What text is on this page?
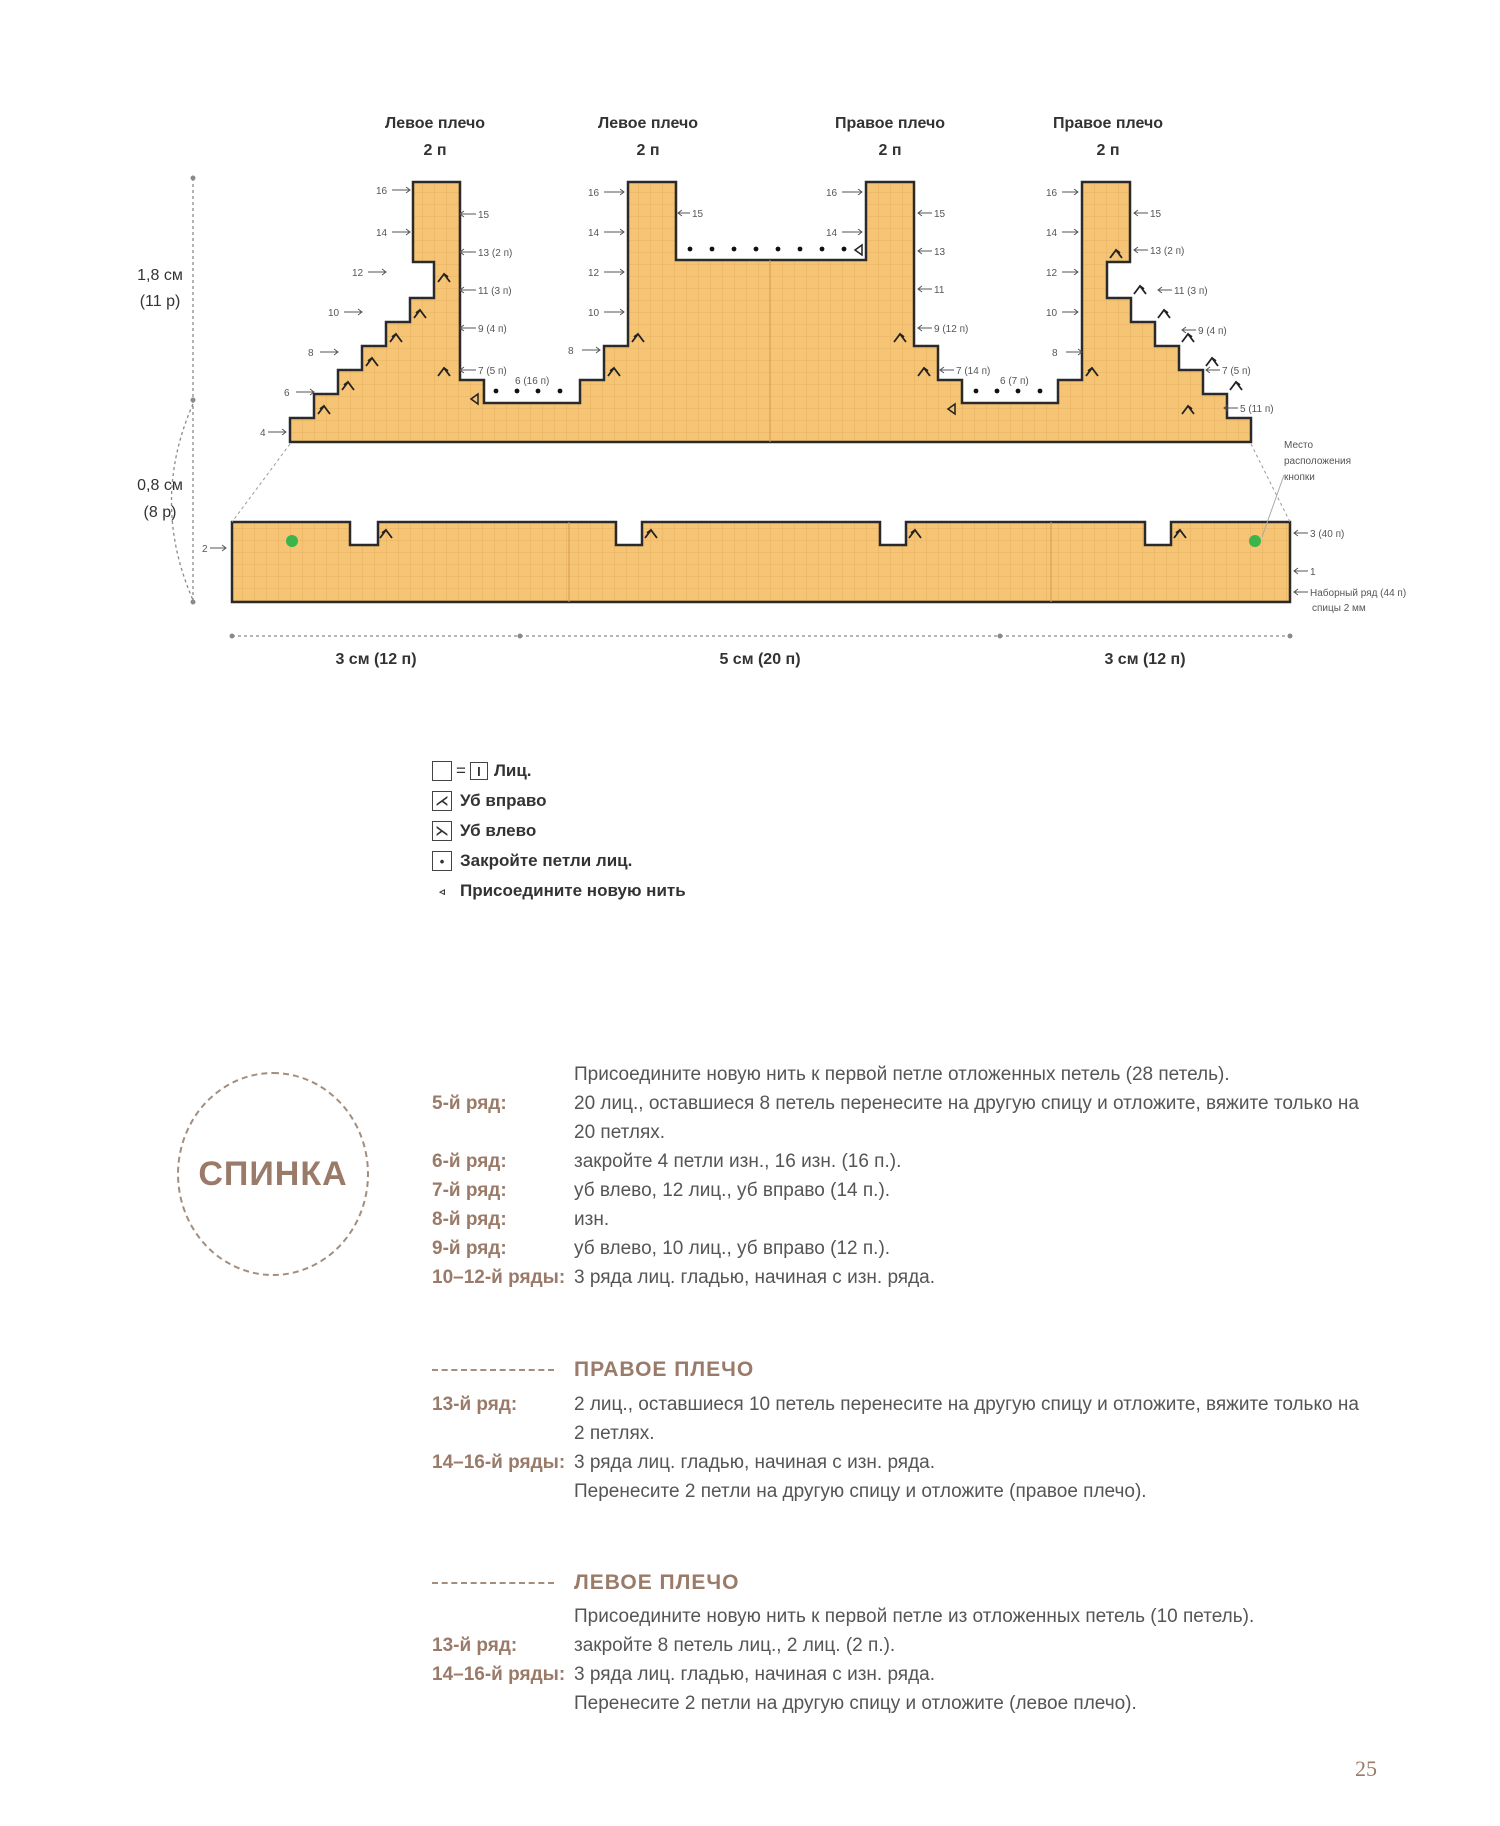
Левое плечо
2 п
Левое плечо
2 п
Правое плечо
2 п
Правое плечо
2 п
1,8 см
(11 р)
0,8 см
(8 р)
3 см (12 п)	5 см (20 п)	3 см (12 п)
16
14
12
10
8
6
4
15
13 (2 п)
11 (3 п)
9 (4 п)
7 (5 п)
6 (16 п)
16
14
12
10
8
15
16
14
15
13
11
9 (12 п)
7 (14 п)
6 (7 п)
16
14
12
10
8
15
13 (2 п)
11 (3 п)
9 (4 п)
7 (5 п)
5 (11 п)
2
3 (40 п)
1
Наборный ряд (44 п)
спицы 2 мм
Место
расположения
кнопки
= I Лиц.
⋌ Уб вправо
⋋ Уб влево
• Закройте петли лиц.
◃ Присоедините новую нить
СПИНКА
Присоедините новую нить к первой петле отложенных петель (28 петель).
5-й ряд:	20 лиц., оставшиеся 8 петель перенесите на другую спицу и отложите, вяжите только на 20 петлях.
6-й ряд:	закройте 4 петли изн., 16 изн. (16 п.).
7-й ряд:	уб влево, 12 лиц., уб вправо (14 п.).
8-й ряд:	изн.
9-й ряд:	уб влево, 10 лиц., уб вправо (12 п.).
10–12-й ряды: 3 ряда лиц. гладью, начиная с изн. ряда.
ПРАВОЕ ПЛЕЧО
13-й ряд:	2 лиц., оставшиеся 10 петель перенесите на другую спицу и отложите, вяжите только на 2 петлях.
14–16-й ряды: 3 ряда лиц. гладью, начиная с изн. ряда.
Перенесите 2 петли на другую спицу и отложите (правое плечо).
ЛЕВОЕ ПЛЕЧО
Присоедините новую нить к первой петле из отложенных петель (10 петель).
13-й ряд:	закройте 8 петель лиц., 2 лиц. (2 п.).
14–16-й ряды: 3 ряда лиц. гладью, начиная с изн. ряда.
Перенесите 2 петли на другую спицу и отложите (левое плечо).
25
